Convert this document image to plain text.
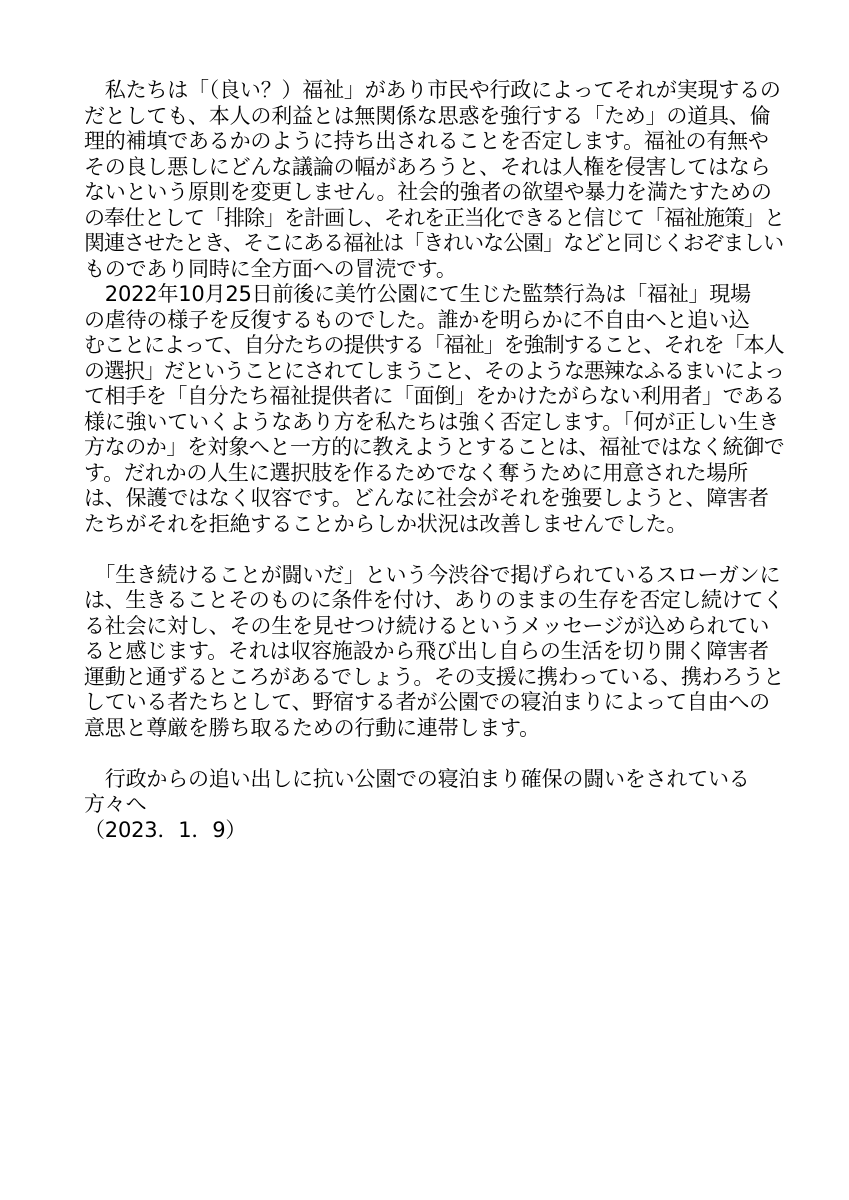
　私たちは「（良い？）福祉」があり市民や行政によってそれが実現するの
だとしても、本人の利益とは無関係な思惑を強行する「ため」の道具、倫
理的補填であるかのように持ち出されることを否定します。福祉の有無や
その良し悪しにどんな議論の幅があろうと、それは人権を侵害してはなら
ないという原則を変更しません。社会的強者の欲望や暴力を満たすための
の奉仕として「排除」を計画し、それを正当化できると信じて「福祉施策」と
関連させたとき、そこにある福祉は「きれいな公園」などと同じくおぞましい
ものであり同時に全方面への冒涜です。
　2022年10月25日前後に美竹公園にて生じた監禁行為は「福祉」現場
の虐待の様子を反復するものでした。誰かを明らかに不自由へと追い込
むことによって、自分たちの提供する「福祉」を強制すること、それを「本人
の選択」だということにされてしまうこと、そのような悪辣なふるまいによっ
て相手を「自分たち福祉提供者に「面倒」をかけたがらない利用者」である
様に強いていくようなあり方を私たちは強く否定します。「何が正しい生き
方なのか」を対象へと一方的に教えようとすることは、福祉ではなく統御で
す。だれかの人生に選択肢を作るためでなく奪うために用意された場所
は、保護ではなく収容です。どんなに社会がそれを強要しようと、障害者
たちがそれを拒絶することからしか状況は改善しませんでした。
　「生き続けることが闘いだ」という今渋谷で掲げられているスローガンに
は、生きることそのものに条件を付け、ありのままの生存を否定し続けてく
る社会に対し、その生を見せつけ続けるというメッセージが込められてい
ると感じます。それは収容施設から飛び出し自らの生活を切り開く障害者
運動と通ずるところがあるでしょう。その支援に携わっている、携わろうと
している者たちとして、野宿する者が公園での寝泊まりによって自由への
意思と尊厳を勝ち取るための行動に連帯します。
　行政からの追い出しに抗い公園での寝泊まり確保の闘いをされている
方々へ
（2023．1．9）
